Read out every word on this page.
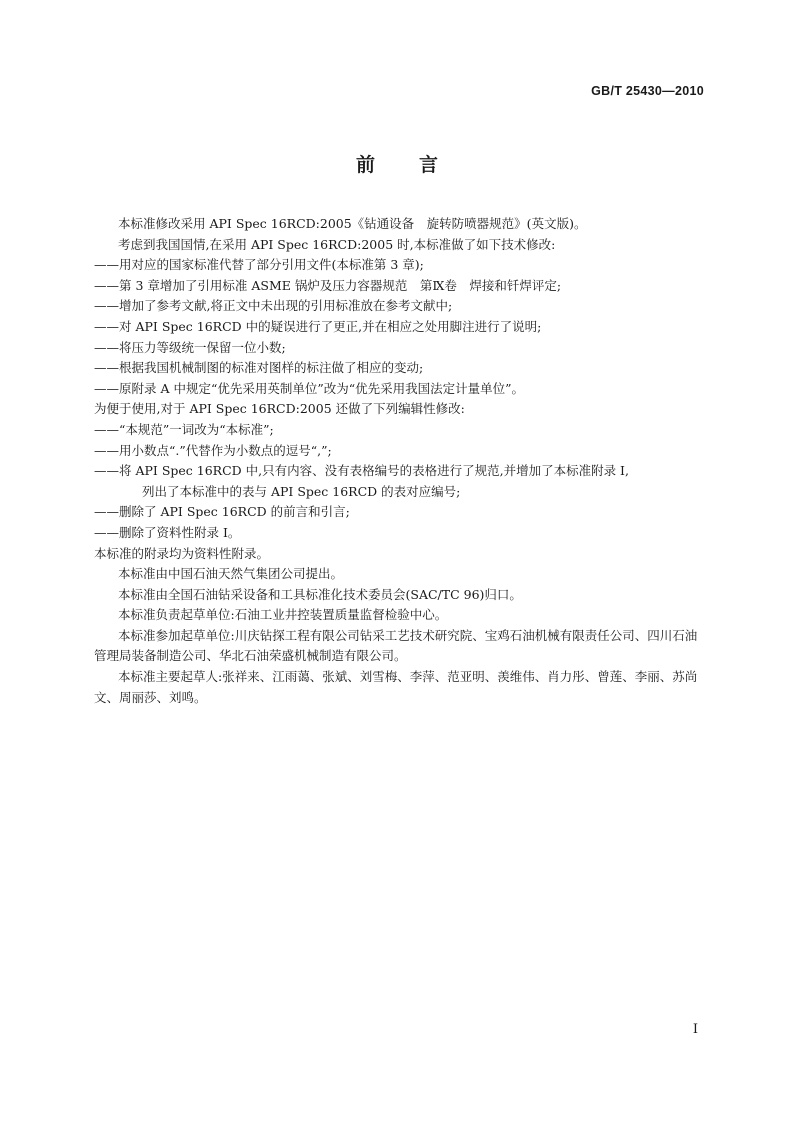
GB/T 25430—2010
前言

本标准修改采用 API Spec 16RCD:2005《钻通设备　旋转防喷器规范》(英文版)。

考虑到我国国情,在采用 API Spec 16RCD:2005 时,本标准做了如下技术修改:

——用对应的国家标准代替了部分引用文件(本标准第 3 章);

——第 3 章增加了引用标准 ASME 锅炉及压力容器规范　第Ⅸ卷　焊接和钎焊评定;

——增加了参考文献,将正文中未出现的引用标准放在参考文献中;

——对 API Spec 16RCD 中的疑误进行了更正,并在相应之处用脚注进行了说明;

——将压力等级统一保留一位小数;

——根据我国机械制图的标准对图样的标注做了相应的变动;

——原附录 A 中规定“优先采用英制单位”改为“优先采用我国法定计量单位”。

为便于使用,对于 API Spec 16RCD:2005 还做了下列编辑性修改:

——“本规范”一词改为“本标准”;

——用小数点“.”代替作为小数点的逗号“,”;

——将 API Spec 16RCD 中,只有内容、没有表格编号的表格进行了规范,并增加了本标准附录 I,

列出了本标准中的表与 API Spec 16RCD 的表对应编号;

——删除了 API Spec 16RCD 的前言和引言;

——删除了资料性附录 I。

本标准的附录均为资料性附录。

本标准由中国石油天然气集团公司提出。

本标准由全国石油钻采设备和工具标准化技术委员会(SAC/TC 96)归口。

本标准负责起草单位:石油工业井控装置质量监督检验中心。

本标准参加起草单位:川庆钻探工程有限公司钻采工艺技术研究院、宝鸡石油机械有限责任公司、四川石油管理局装备制造公司、华北石油荣盛机械制造有限公司。

本标准主要起草人:张祥来、江雨蔼、张斌、刘雪梅、李萍、范亚明、羡维伟、肖力彤、曾莲、李丽、苏尚文、周丽莎、刘鸣。

I
